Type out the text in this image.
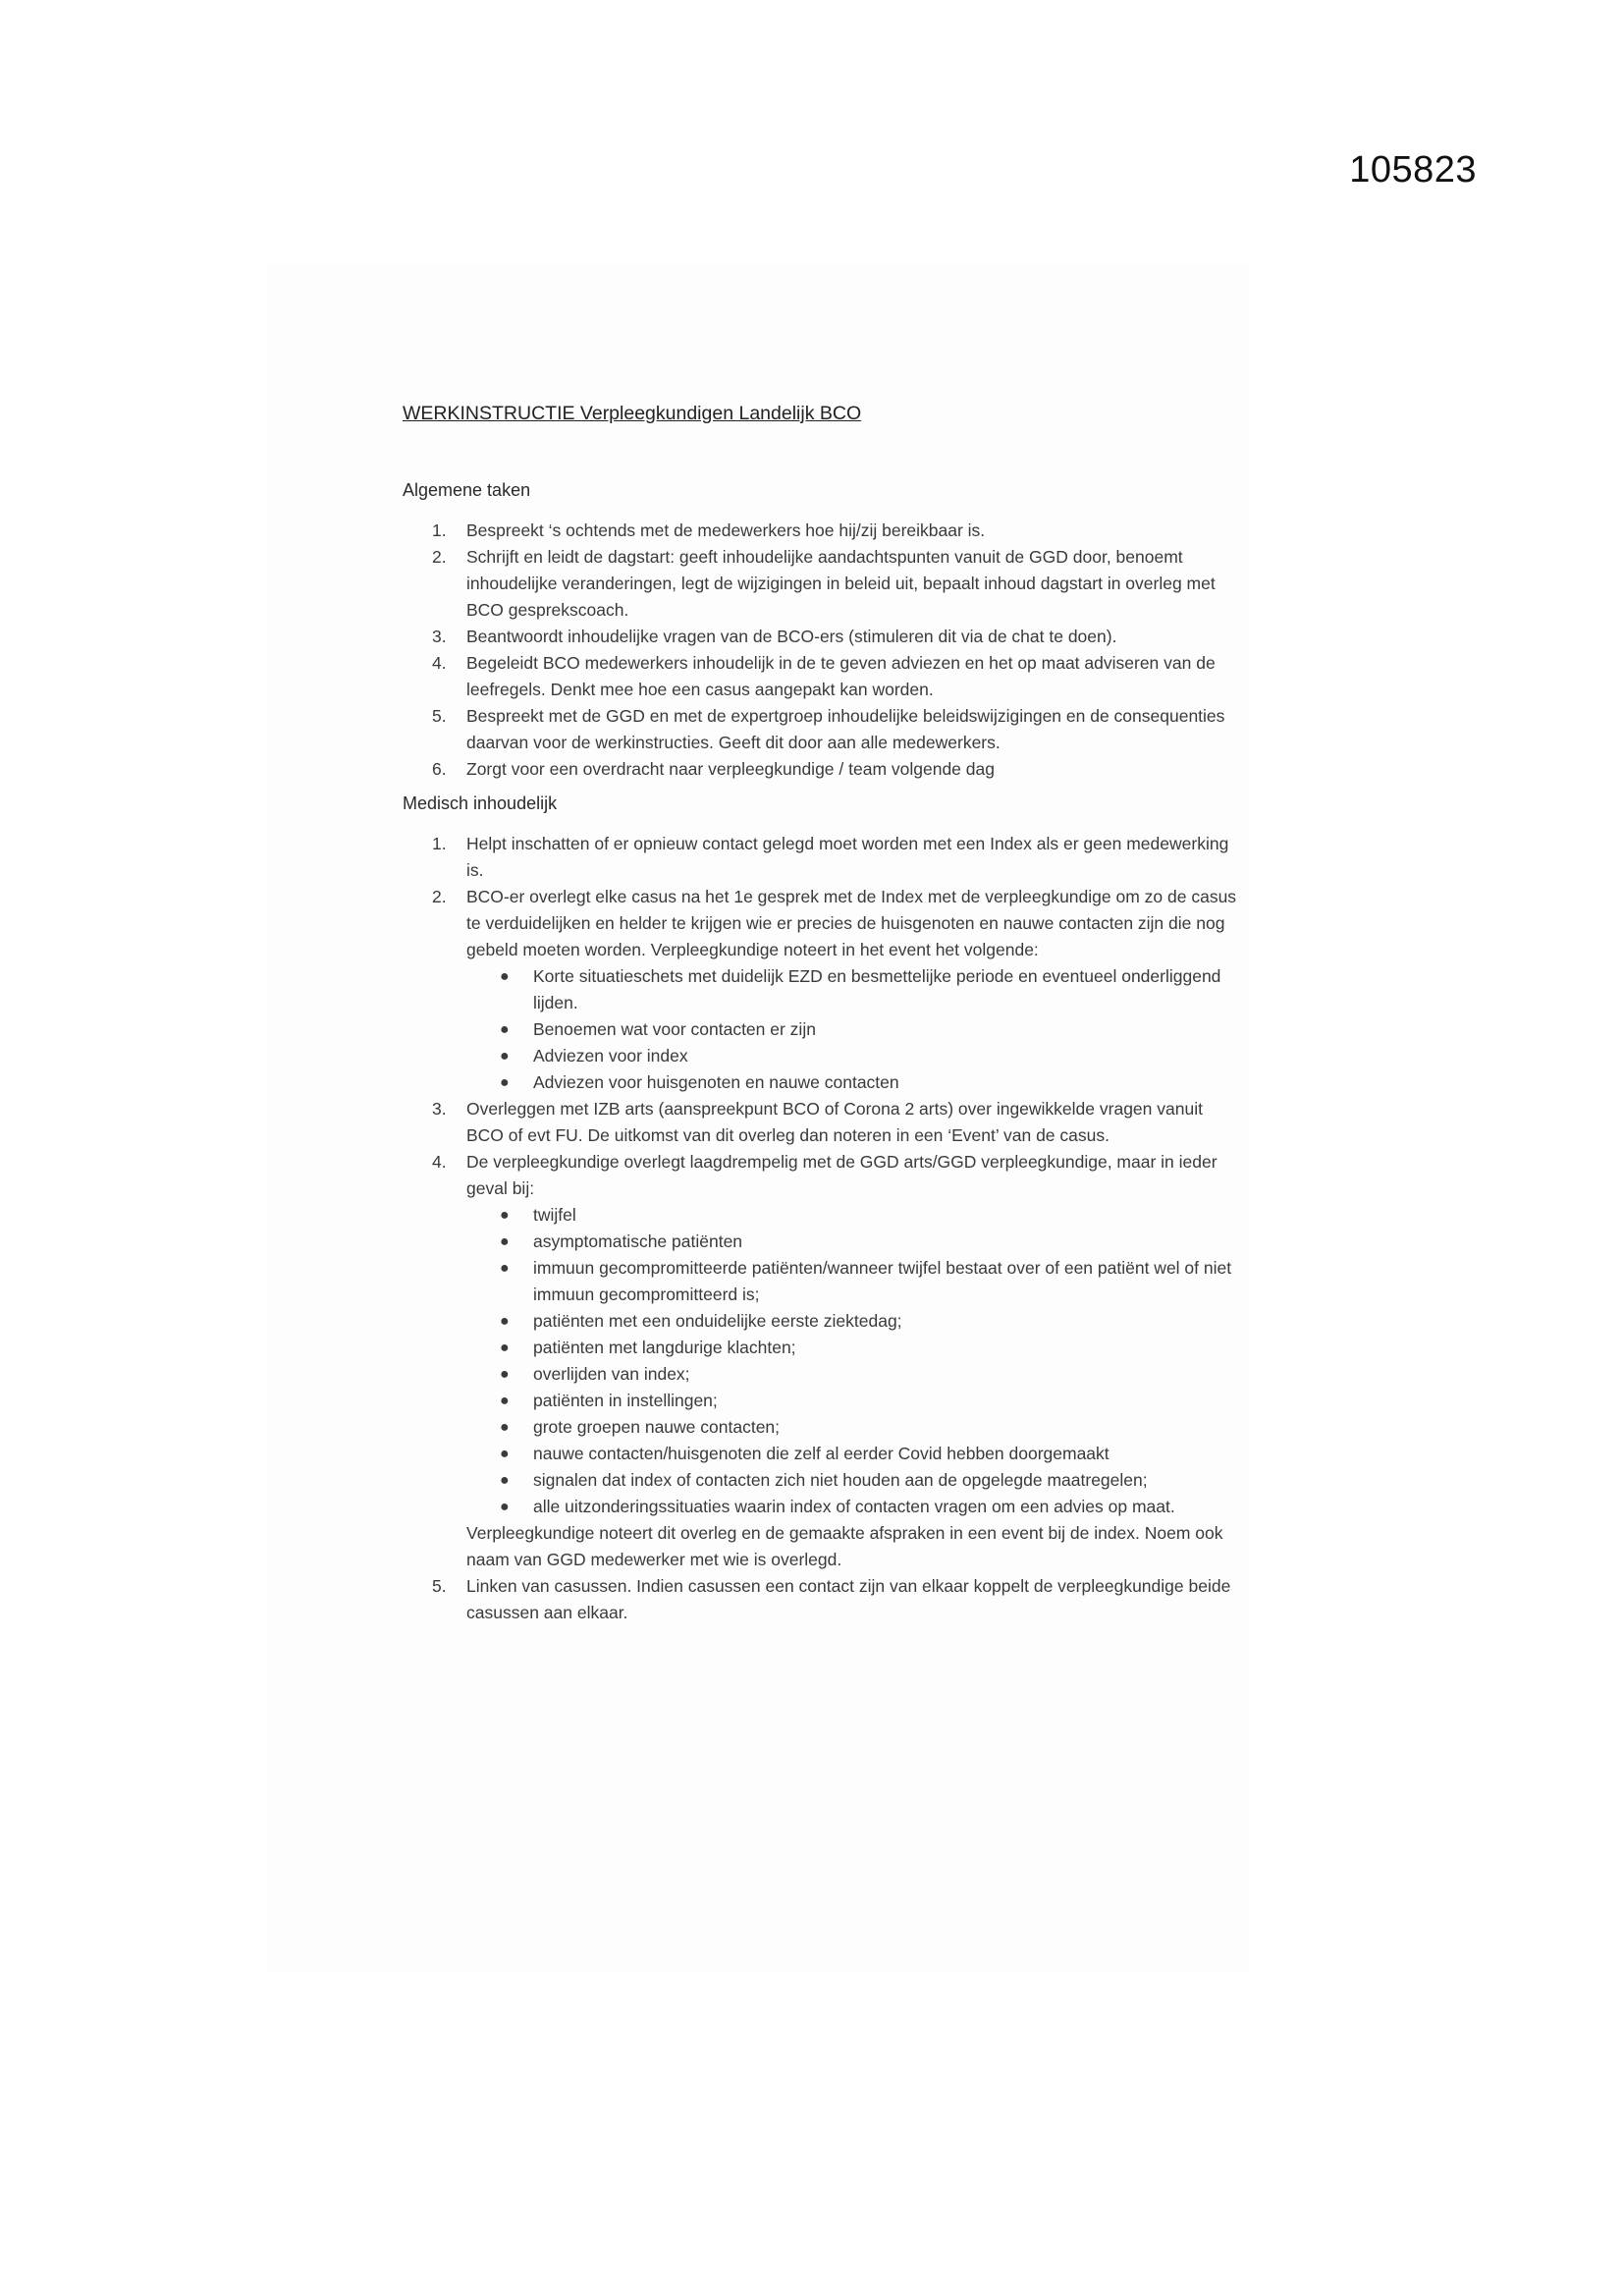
105823
WERKINSTRUCTIE Verpleegkundigen Landelijk BCO
Algemene taken
1. Bespreekt ‘s ochtends met de medewerkers hoe hij/zij bereikbaar is.
2. Schrijft en leidt de dagstart: geeft inhoudelijke aandachtspunten vanuit de GGD door, benoemt inhoudelijke veranderingen, legt de wijzigingen in beleid uit, bepaalt inhoud dagstart in overleg met BCO gesprekscoach.
3. Beantwoordt inhoudelijke vragen van de BCO-ers (stimuleren dit via de chat te doen).
4. Begeleidt BCO medewerkers inhoudelijk in de te geven adviezen en het op maat adviseren van de leefregels. Denkt mee hoe een casus aangepakt kan worden.
5. Bespreekt met de GGD en met de expertgroep inhoudelijke beleidswijzigingen en de consequenties daarvan voor de werkinstructies. Geeft dit door aan alle medewerkers.
6. Zorgt voor een overdracht naar verpleegkundige / team volgende dag
Medisch inhoudelijk
1. Helpt inschatten of er opnieuw contact gelegd moet worden met een Index als er geen medewerking is.
2. BCO-er overlegt elke casus na het 1e gesprek met de Index met de verpleegkundige om zo de casus te verduidelijken en helder te krijgen wie er precies de huisgenoten en nauwe contacten zijn die nog gebeld moeten worden. Verpleegkundige noteert in het event het volgende:
● Korte situatieschets met duidelijk EZD en besmettelijke periode en eventueel onderliggend lijden.
● Benoemen wat voor contacten er zijn
● Adviezen voor index
● Adviezen voor huisgenoten en nauwe contacten
3. Overleggen met IZB arts (aanspreekpunt BCO of Corona 2 arts) over ingewikkelde vragen vanuit BCO of evt FU. De uitkomst van dit overleg dan noteren in een ‘Event’ van de casus.
4. De verpleegkundige overlegt laagdrempelig met de GGD arts/GGD verpleegkundige, maar in ieder geval bij:
● twijfel
● asymptomatische patiënten
● immuun gecompromitteerde patiënten/wanneer twijfel bestaat over of een patiënt wel of niet immuun gecompromitteerd is;
● patiënten met een onduidelijke eerste ziektedag;
● patiënten met langdurige klachten;
● overlijden van index;
● patiënten in instellingen;
● grote groepen nauwe contacten;
● nauwe contacten/huisgenoten die zelf al eerder Covid hebben doorgemaakt
● signalen dat index of contacten zich niet houden aan de opgelegde maatregelen;
● alle uitzonderingssituaties waarin index of contacten vragen om een advies op maat.
Verpleegkundige noteert dit overleg en de gemaakte afspraken in een event bij de index. Noem ook naam van GGD medewerker met wie is overlegd.
5. Linken van casussen. Indien casussen een contact zijn van elkaar koppelt de verpleegkundige beide casussen aan elkaar.
